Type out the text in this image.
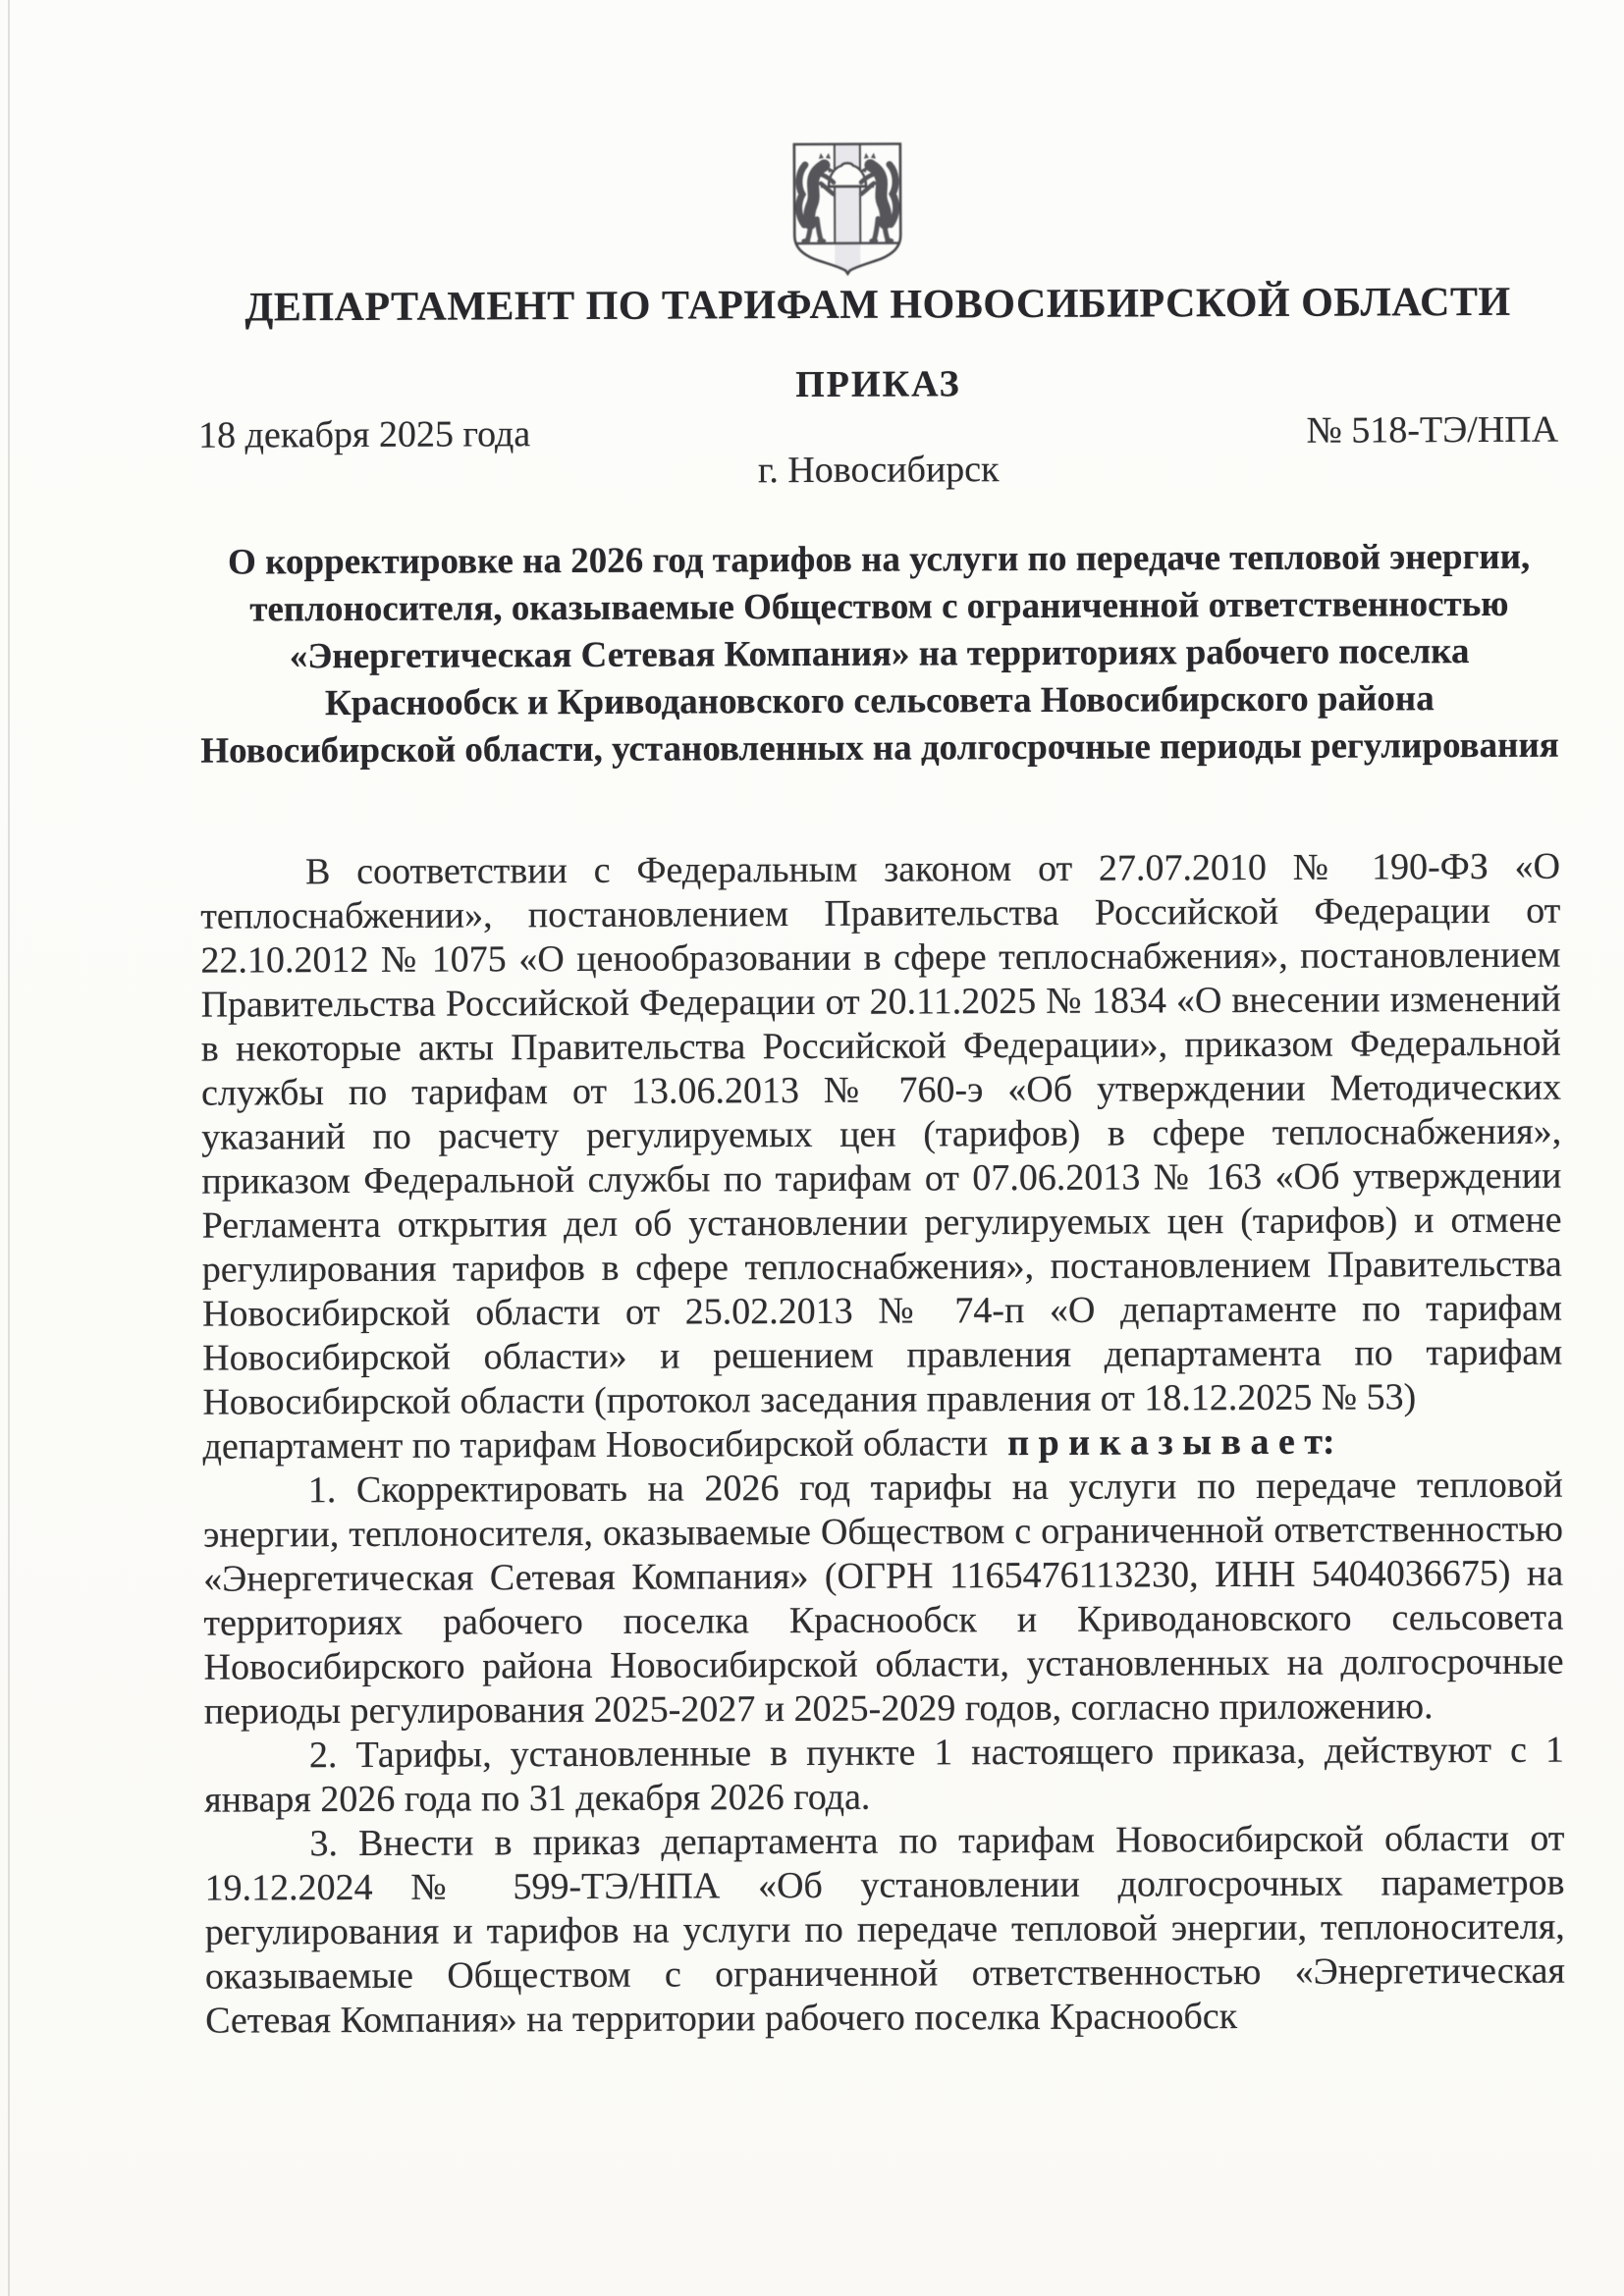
ДЕПАРТАМЕНТ ПО ТАРИФАМ НОВОСИБИРСКОЙ ОБЛАСТИ
ПРИКАЗ
18 декабря 2025 года	№ 518-ТЭ/НПА
г. Новосибирск
О корректировке на 2026 год тарифов на услуги по передаче тепловой энергии, теплоносителя, оказываемые Обществом с ограниченной ответственностью «Энергетическая Сетевая Компания» на территориях рабочего поселка Краснообск и Криводановского сельсовета Новосибирского района Новосибирской области, установленных на долгосрочные периоды регулирования

В соответствии с Федеральным законом от 27.07.2010 № 190-ФЗ «О теплоснабжении», постановлением Правительства Российской Федерации от 22.10.2012 № 1075 «О ценообразовании в сфере теплоснабжения», постановлением Правительства Российской Федерации от 20.11.2025 № 1834 «О внесении изменений в некоторые акты Правительства Российской Федерации», приказом Федеральной службы по тарифам от 13.06.2013 № 760-э «Об утверждении Методических указаний по расчету регулируемых цен (тарифов) в сфере теплоснабжения», приказом Федеральной службы по тарифам от 07.06.2013 № 163 «Об утверждении Регламента открытия дел об установлении регулируемых цен (тарифов) и отмене регулирования тарифов в сфере теплоснабжения», постановлением Правительства Новосибирской области от 25.02.2013 № 74-п «О департаменте по тарифам Новосибирской области» и решением правления департамента по тарифам Новосибирской области (протокол заседания правления от 18.12.2025 № 53)

департамент по тарифам Новосибирской области п р и к а з ы в а е т:

1. Скорректировать на 2026 год тарифы на услуги по передаче тепловой энергии, теплоносителя, оказываемые Обществом с ограниченной ответственностью «Энергетическая Сетевая Компания» (ОГРН 1165476113230, ИНН 5404036675) на территориях рабочего поселка Краснообск и Криводановского сельсовета Новосибирского района Новосибирской области, установленных на долгосрочные периоды регулирования 2025-2027 и 2025-2029 годов, согласно приложению.

2. Тарифы, установленные в пункте 1 настоящего приказа, действуют с 1 января 2026 года по 31 декабря 2026 года.

3. Внести в приказ департамента по тарифам Новосибирской области от 19.12.2024 № 599-ТЭ/НПА «Об установлении долгосрочных параметров регулирования и тарифов на услуги по передаче тепловой энергии, теплоносителя, оказываемые Обществом с ограниченной ответственностью «Энергетическая Сетевая Компания» на территории рабочего поселка Краснообск
